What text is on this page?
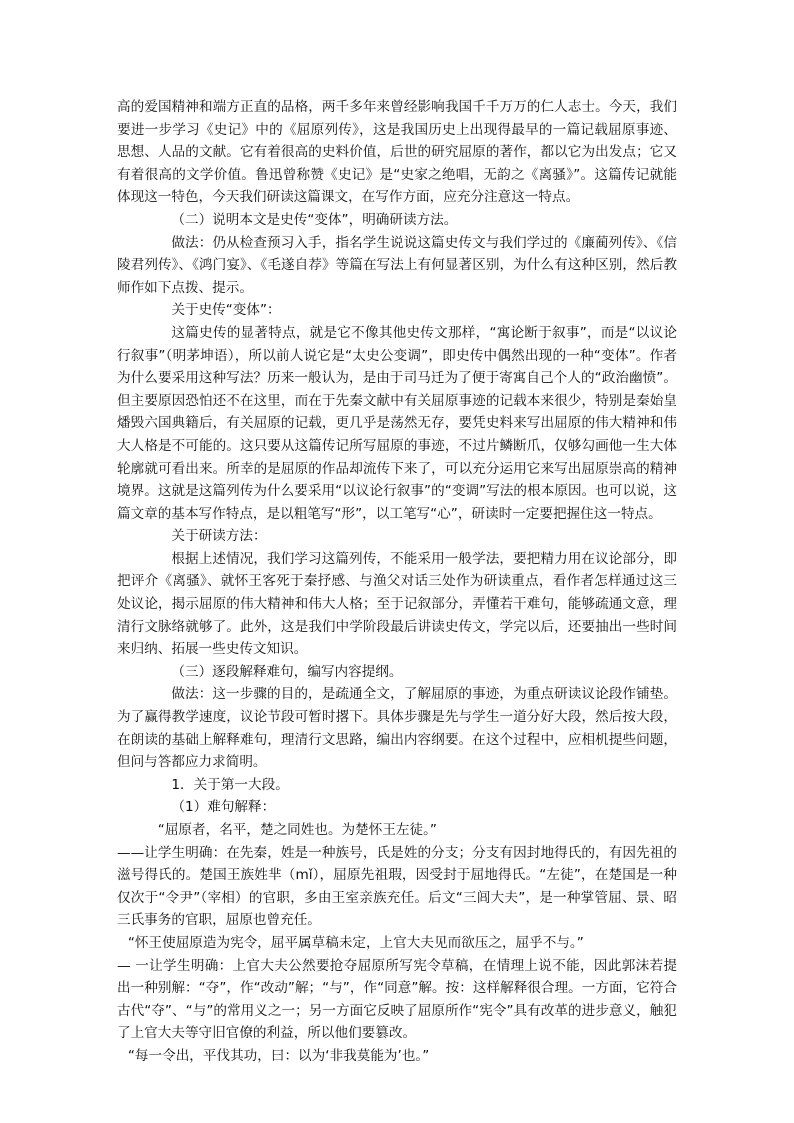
高的爱国精神和端方正直的品格，两千多年来曾经影响我国千千万万的仁人志士。今天，我们要进一步学习《史记》中的《屈原列传》，这是我国历史上出现得最早的一篇记载屈原事迹、思想、人品的文献。它有着很高的史料价值，后世的研究屈原的著作，都以它为出发点；它又有着很高的文学价值。鲁迅曾称赞《史记》是“史家之绝唱，无韵之《离骚》”。这篇传记就能体现这一特色，今天我们研读这篇课文，在写作方面，应充分注意这一特点。

（二）说明本文是史传“变体”，明确研读方法。

做法：仍从检查预习入手，指名学生说说这篇史传文与我们学过的《廉蔺列传》、《信陵君列传》、《鸿门宴》、《毛遂自荐》等篇在写法上有何显著区别，为什么有这种区别，然后教师作如下点拨、提示。

关于史传“变体”：

这篇史传的显著特点，就是它不像其他史传文那样，“寓论断于叙事”，而是“以议论行叙事”（明茅坤语），所以前人说它是“太史公变调”，即史传中偶然出现的一种“变体”。作者为什么要采用这种写法？历来一般认为，是由于司马迁为了便于寄寓自己个人的“政治幽愤”。但主要原因恐怕还不在这里，而在于先秦文献中有关屈原事迹的记载本来很少，特别是秦始皇燔毁六国典籍后，有关屈原的记载，更几乎是荡然无存，要凭史料来写出屈原的伟大精神和伟大人格是不可能的。这只要从这篇传记所写屈原的事迹，不过片鳞断爪，仅够勾画他一生大体轮廓就可看出来。所幸的是屈原的作品却流传下来了，可以充分运用它来写出屈原崇高的精神境界。这就是这篇列传为什么要采用“以议论行叙事”的“变调”写法的根本原因。也可以说，这篇文章的基本写作特点，是以粗笔写“形”，以工笔写“心”，研读时一定要把握住这一特点。

关于研读方法：

根据上述情况，我们学习这篇列传，不能采用一般学法，要把精力用在议论部分，即把评介《离骚》、就怀王客死于秦抒感、与渔父对话三处作为研读重点，看作者怎样通过这三处议论，揭示屈原的伟大精神和伟大人格；至于记叙部分，弄懂若干难句，能够疏通文意，理清行文脉络就够了。此外，这是我们中学阶段最后讲读史传文，学完以后，还要抽出一些时间来归纳、拓展一些史传文知识。

（三）逐段解释难句，编写内容提纲。

做法：这一步骤的目的，是疏通全文，了解屈原的事迹，为重点研读议论段作铺垫。为了赢得教学速度，议论节段可暂时撂下。具体步骤是先与学生一道分好大段，然后按大段，在朗读的基础上解释难句，理清行文思路，编出内容纲要。在这个过程中，应相机提些问题，但问与答都应力求简明。

1．关于第一大段。

（1）难句解释：

“屈原者，名平，楚之同姓也。为楚怀王左徒。”

——让学生明确：在先秦，姓是一种族号，氏是姓的分支；分支有因封地得氏的，有因先祖的滋号得氏的。楚国王族姓芈（mǐ），屈原先祖瑕，因受封于屈地得氏。“左徒”，在楚国是一种仅次于“令尹”（宰相）的官职，多由王室亲族充任。后文“三闾大夫”，是一种掌管屈、景、昭三氏事务的官职，屈原也曾充任。

“怀王使屈原造为宪令，屈平属草稿未定，上官大夫见而欲压之，屈乎不与。”

— 一让学生明确：上官大夫公然要抢夺屈原所写宪令草稿，在情理上说不能，因此郭沫若提出一种别解：“夺”，作“改动”解；“与”，作“同意”解。按：这样解释很合理。一方面，它符合古代“夺”、“与”的常用义之一；另一方面它反映了屈原所作“宪令”具有改革的进步意义，触犯了上官大夫等守旧官僚的利益，所以他们要篡改。

“每一令出，平伐其功，曰：以为‘非我莫能为’也。”
